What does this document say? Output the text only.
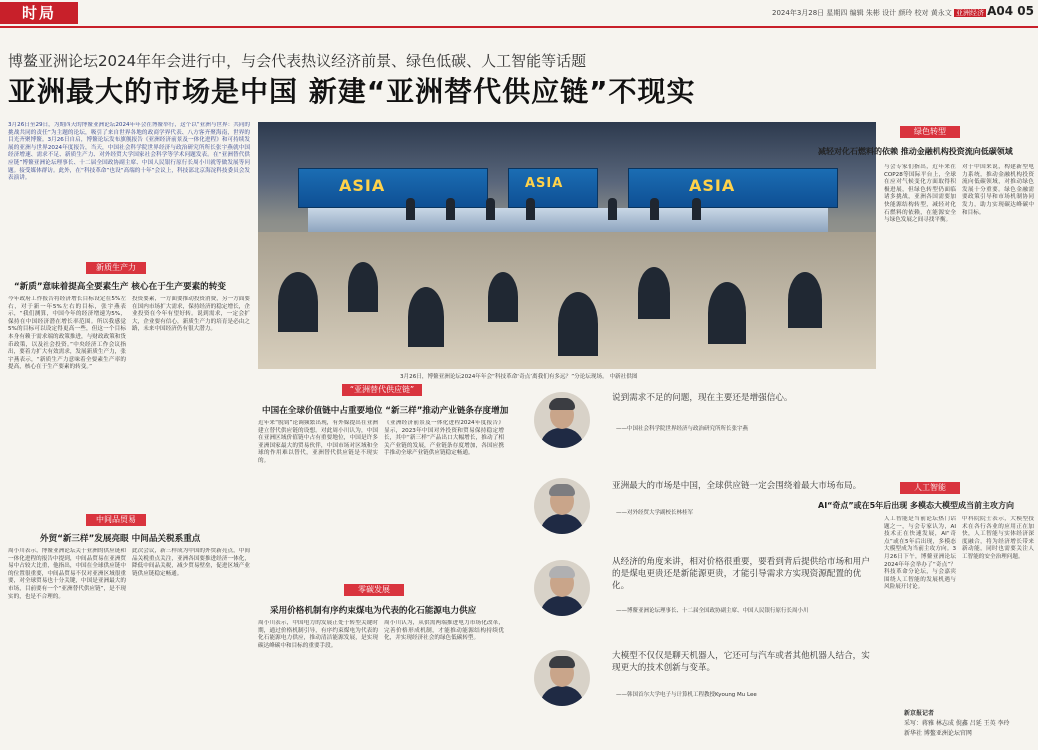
时局	2024年3月28日 星期四 编辑 朱彬 设计 颜玲 校对 黄永文 亚洲经济 A04 05
博鳌亚洲论坛2024年年会进行中，与会代表热议经济前景、绿色低碳、人工智能等话题
亚洲最大的市场是中国 新建“亚洲替代供应链”不现实
3月26日至29日，为期四天的博鳌亚洲论坛2024年年会在博鳌举行，这个以“亚洲与世界：共同的挑战共同的责任”为主题的论坛，吸引了来自世界各地的政商学界代表、八方客齐聚海南，世界的目光齐聚博鳌。3月26日自启，博鳌论坛发布旗舰报告《亚洲经济前景及一体化进程》和可持续发展的亚洲与世界2024年度报告，当天，中国社会科学院世界经济与政治研究所所长张宇燕就中国经济增速、需求不足、新质生产力、对外经贸大学国家社会科学等学术问题发表。在“亚洲替代供应链”博鳌亚洲论坛理事长、十二届全国政协副主席、中国人民银行原行长周小川就等做发展等问题。接受媒体群访。此外，在“科技革命”也设“高端的十年”会议上，科技部北京海淀科技委员会发表演讲。
新质生产力
“新质”意味着提高全要素生产 核心在于生产要素的转变
今年政府工作报告将经济增长目标设定在5%左右，对于新一年5%左右的目标，张宇燕表示，“我们测算，中国今年的经济增速为5%，保持在中国经济潜在增长率范围。所以我感觉5%的目标可以设定得更高一些，但这一个目标本身有赖于需求端的政策推进，与财政政策和货币政策，以及社会投资。”中央经济工作会议指出，要着力扩大有效需求，发展新质生产力，张宇燕表示，“新质生产力意味着全要素生产率的提高，核心在于生产要素的转变。”
投资要素，一方面要推动投资消费，另一方面要在国内市场扩大需求，保持经济的稳定增长，企业投资在今年有望好转。说到需求，一定会扩大，企业要有信心，新质生产力的培育是必由之路，未来中国经济仍有很大潜力。
中间品贸易
外贸“新三样”发展亮眼 中间品关税系重点
周小川表示，博鳌亚洲论坛关于亚洲的供应链和一体化进程的报告中提到，中间品贸易在亚洲贸易中占较大比重，他指出，中国在全球供应链中的位置很重要，中间品贸易不仅对亚洲区域很重要，对全球贸易也十分关键，中国是亚洲最大的市场，目前要有一个“亚洲替代供应链”，是不现实的，也是不合理的。
此次会议，新三样成为中国的外贸新亮点，中间品关税重点关注，亚洲各国要推进经济一体化，降低中间品关税，减少贸易壁垒，促进区域产业链供应链稳定畅通。
ASIA	ASIA	ASIA
3月26日，博鳌亚洲论坛2024年年会“科技革命‘奇点’离我们有多远？”分论坛现场。 中新社供图
“亚洲替代供应链”
中国在全球价值链中占重要地位 “新三样”推动产业链条存度增加
近年来“脱钩”论调频繁出现，有外媒提出在亚洲建立替代供应链的设想。对此周小川认为，中国在亚洲区域价值链中占有重要地位，中国是许多亚洲国家最大的贸易伙伴，中国市场对区域和全球的作用难以替代，亚洲替代供应链是不现实的。
《亚洲经济前景及一体化进程2024年度报告》显示，2023年中国对外投资和贸易保持稳定增长，其中“新三样”产品出口大幅增长，推动了相关产业链的发展，产业链条存度增加，各国应携手推动全球产业链供应链稳定畅通。
零碳发展
采用价格机制有序约束煤电为代表的化石能源电力供应
周小川表示，中国电力的发展正处于转型关键时期，通过价格机制引导，有序约束煤电为代表的化石能源电力供应，推动清洁能源发展，是实现碳达峰碳中和目标的重要手段。
周小川认为，从供需两端推进电力市场化改革，完善价格形成机制，才能推动能源结构持续优化，并实现经济社会的绿色低碳转型。
说到需求不足的问题，现在主要还是增强信心。
——中国社会科学院世界经济与政治研究所所长张宇燕
亚洲最大的市场是中国，全球供应链一定会围绕着最大市场布局。
——对外经贸大学副校长林桂军
从经济的角度来讲，相对价格很重要，要看到背后提供给市场和用户的是煤电更贵还是新能源更贵，才能引导需求方实现资源配置的优化。
——博鳌亚洲论坛理事长、十二届全国政协副主席、中国人民银行原行长周小川
大模型不仅仅是聊天机器人，它还可与汽车或者其他机器人结合，实现更大的技术创新与变革。
——韩国首尔大学电子与计算机工程教授Kyoung Mu Lee
绿色转型
减轻对化石燃料的依赖 推动金融机构投资流向低碳领域
与会专家们指出，近年来在COP28等国际平台上，全球在应对气候变化方面取得积极进展，但绿色转型仍面临诸多挑战，亚洲各国需要加快能源结构转型，减轻对化石燃料的依赖，在能源安全与绿色发展之间寻找平衡。
对于中国来说，构建新型电力系统，推动金融机构投资流向低碳领域，对推动绿色发展十分重要。绿色金融需要政策引导和市场机制协同发力，助力实现碳达峰碳中和目标。
人工智能
AI“奇点”或在5年后出现 多模态大模型成当前主攻方向
人工智能是当前论坛热门话题之一，与会专家认为，AI技术正在快速发展，AI“奇点”或在5年后出现，多模态大模型成为当前主攻方向。3月26日下午，博鳌亚洲论坛2024年年会举办了“奇点”？科技革命分论坛，与会嘉宾围绕人工智能的发展机遇与风险展开讨论。
中科院院士表示，大模型技术在各行各业的应用正在加快，人工智能与实体经济深度融合，将为经济增长带来新动能，同时也需要关注人工智能的安全治理问题。
新京报记者
采写：蒋雅 林志成 倪鑫 吕延 王英 李玲
新华社 博鳌亚洲论坛官网
